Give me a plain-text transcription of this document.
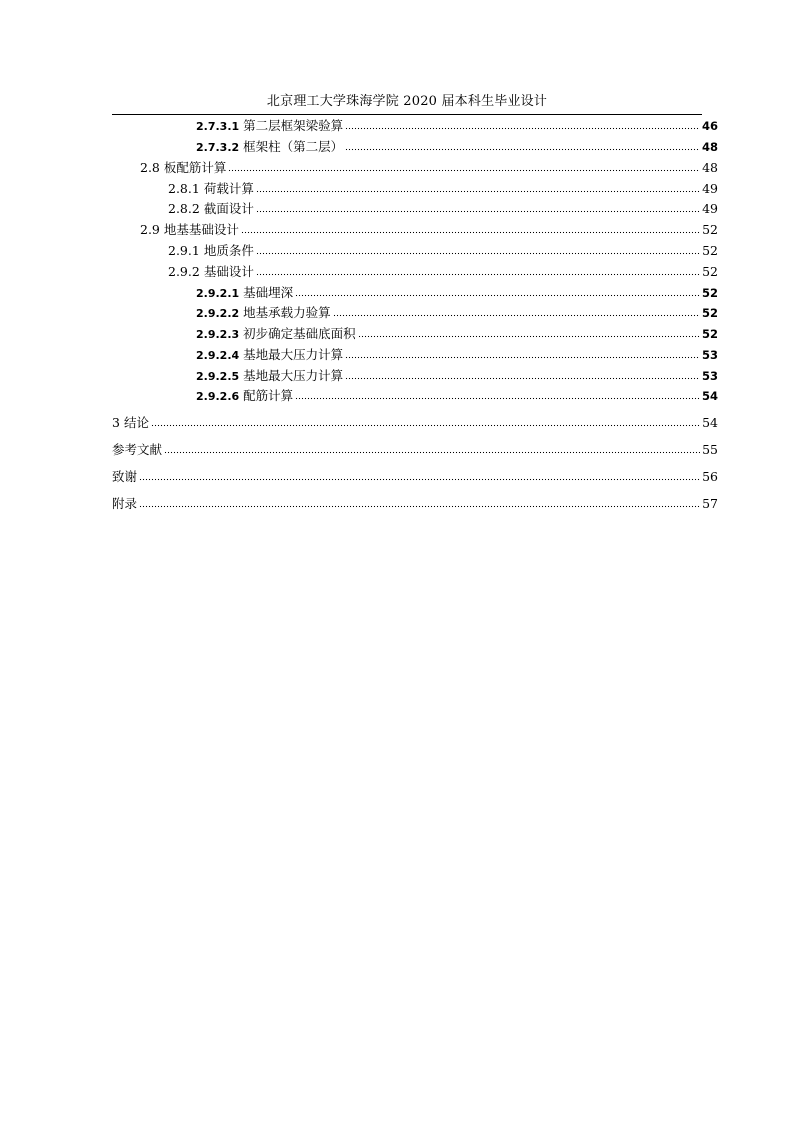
北京理工大学珠海学院 2020 届本科生毕业设计
2.7.3.1 第二层框架梁验算	46
2.7.3.2 框架柱（第二层）	48
2.8 板配筋计算	48
2.8.1 荷载计算	49
2.8.2 截面设计	49
2.9 地基基础设计	52
2.9.1 地质条件	52
2.9.2 基础设计	52
2.9.2.1 基础埋深	52
2.9.2.2 地基承载力验算	52
2.9.2.3 初步确定基础底面积	52
2.9.2.4 基地最大压力计算	53
2.9.2.5 基地最大压力计算	53
2.9.2.6 配筋计算	54
3 结论	54
参考文献	55
致谢	56
附录	57
